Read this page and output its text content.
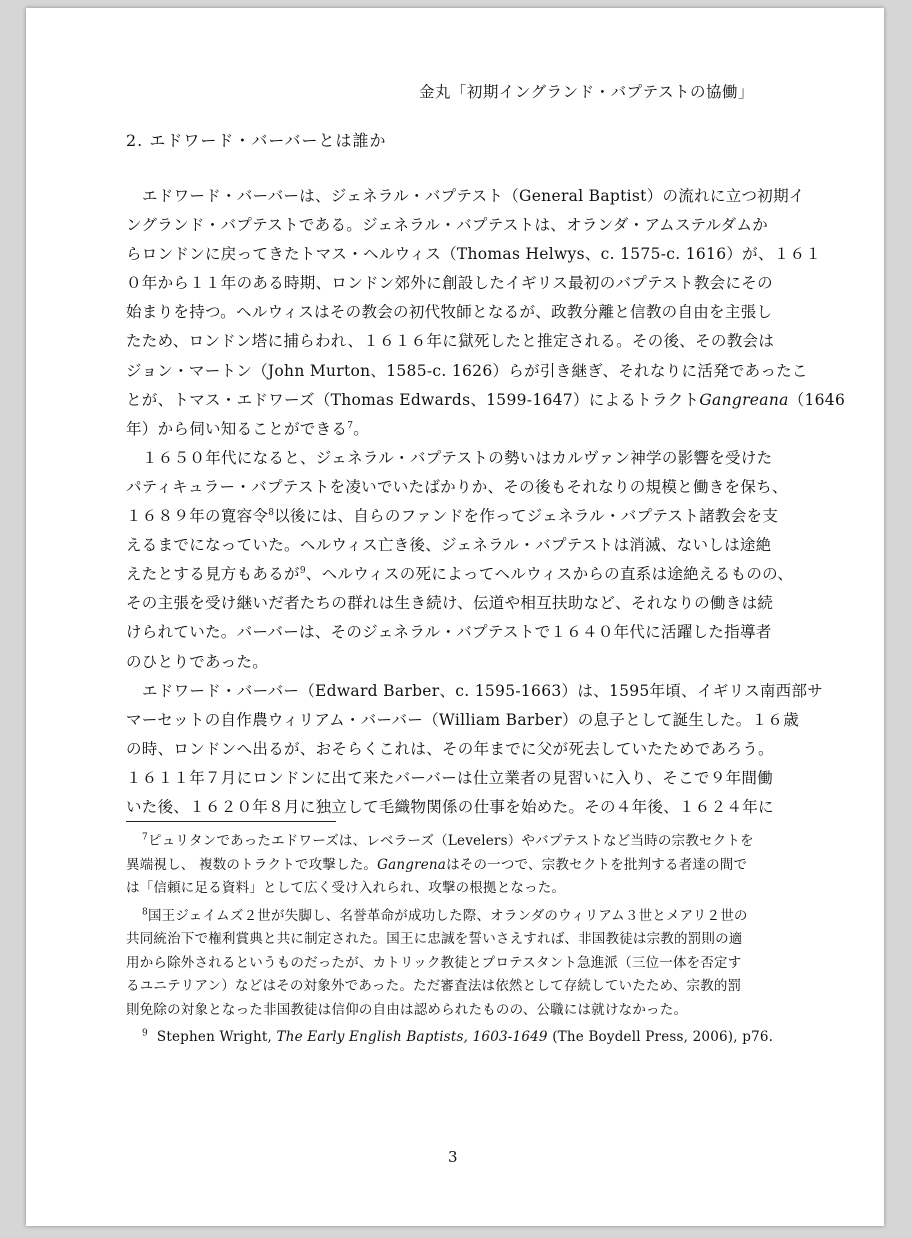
金丸「初期イングランド・バプテストの協働」
2. エドワード・バーバーとは誰か
エドワード・バーバーは、ジェネラル・バプテスト（General Baptist）の流れに立つ初期イ
ングランド・バプテストである。ジェネラル・バプテストは、オランダ・アムステルダムか
らロンドンに戻ってきたトマス・ヘルウィス（Thomas Helwys、c. 1575-c. 1616）が、１６１
０年から１１年のある時期、ロンドン郊外に創設したイギリス最初のバプテスト教会にその
始まりを持つ。ヘルウィスはその教会の初代牧師となるが、政教分離と信教の自由を主張し
たため、ロンドン塔に捕らわれ、１６１６年に獄死したと推定される。その後、その教会は
ジョン・マートン（John Murton、1585-c. 1626）らが引き継ぎ、それなりに活発であったこ
とが、トマス・エドワーズ（Thomas Edwards、1599-1647）によるトラクトGangreana（1646
年）から伺い知ることができる$^7$。
１６５０年代になると、ジェネラル・バプテストの勢いはカルヴァン神学の影響を受けた
パティキュラー・バプテストを凌いでいたばかりか、その後もそれなりの規模と働きを保ち、
１６８９年の寛容令$^8$以後には、自らのファンドを作ってジェネラル・バプテスト諸教会を支
えるまでになっていた。ヘルウィス亡き後、ジェネラル・バプテストは消滅、ないしは途絶
えたとする見方もあるが$^9$、ヘルウィスの死によってヘルウィスからの直系は途絶えるものの、
その主張を受け継いだ者たちの群れは生き続け、伝道や相互扶助など、それなりの働きは続
けられていた。バーバーは、そのジェネラル・バプテストで１６４０年代に活躍した指導者
のひとりであった。
エドワード・バーバー（Edward Barber、c. 1595-1663）は、1595年頃、イギリス南西部サ
マーセットの自作農ウィリアム・バーバー（William Barber）の息子として誕生した。１６歳
の時、ロンドンへ出るが、おそらくこれは、その年までに父が死去していたためであろう。
１６１１年７月にロンドンに出て来たバーバーは仕立業者の見習いに入り、そこで９年間働
いた後、１６２０年８月に独立して毛織物関係の仕事を始めた。その４年後、１６２４年に
$^7$ピュリタンであったエドワーズは、レベラーズ（Levelers）やバプテストなど当時の宗教セクトを
異端視し、 複数のトラクトで攻撃した。Gangrenaはその一つで、宗教セクトを批判する者達の間で
は「信頼に足る資料」として広く受け入れられ、攻撃の根拠となった。
$^8$国王ジェイムズ２世が失脚し、名誉革命が成功した際、オランダのウィリアム３世とメアリ２世の
共同統治下で権利賞典と共に制定された。国王に忠誠を誓いさえすれば、非国教徒は宗教的罰則の適
用から除外されるというものだったが、カトリック教徒とプロテスタント急進派（三位一体を否定す
るユニテリアン）などはその対象外であった。ただ審査法は依然として存続していたため、宗教的罰
則免除の対象となった非国教徒は信仰の自由は認められたものの、公職には就けなかった。
$^9$ Stephen Wright, The Early English Baptists, 1603-1649 (The Boydell Press, 2006), p76.
3
